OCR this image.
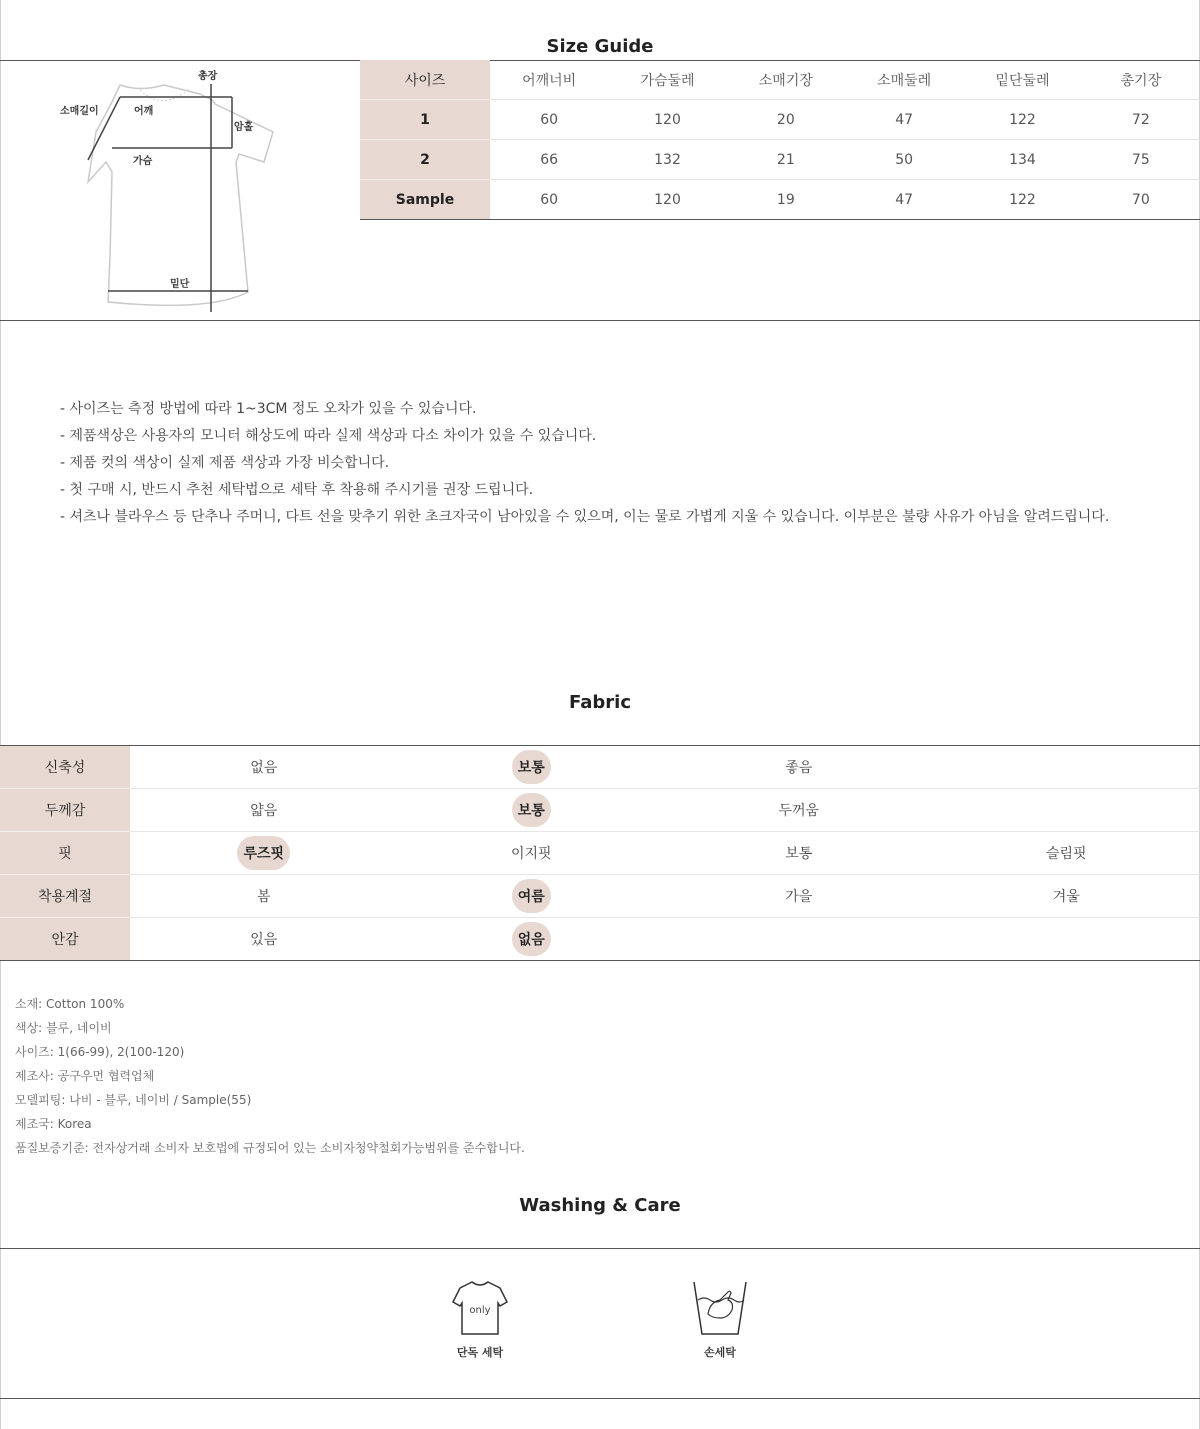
Size Guide
총장
소매길이	어깨
암홀
가슴
밑단
사이즈	어깨너비	가슴둘레	소매기장	소매둘레	밑단둘레	총기장
1	60	120	20	47	122	72
2	66	132	21	50	134	75
Sample	60	120	19	47	122	70
- 사이즈는 측정 방법에 따라 1~3CM 정도 오차가 있을 수 있습니다.
- 제품색상은 사용자의 모니터 해상도에 따라 실제 색상과 다소 차이가 있을 수 있습니다.
- 제품 컷의 색상이 실제 제품 색상과 가장 비슷합니다.
- 첫 구매 시, 반드시 추천 세탁법으로 세탁 후 착용해 주시기를 권장 드립니다.
- 셔츠나 블라우스 등 단추나 주머니, 다트 선을 맞추기 위한 초크자국이 남아있을 수 있으며, 이는 물로 가볍게 지울 수 있습니다. 이부분은 불량 사유가 아님을 알려드립니다.
Fabric
신축성	없음	보통	좋음	
두께감	얇음	보통	두꺼움	
핏	루즈핏	이지핏	보통	슬림핏
착용계절	봄	여름	가을	겨울
안감	있음	없음		
소재: Cotton 100%
색상: 블루, 네이비
사이즈: 1(66-99), 2(100-120)
제조사: 공구우먼 협력업체
모델피팅: 나비 - 블루, 네이비 / Sample(55)
제조국: Korea
품질보증기준: 전자상거래 소비자 보호법에 규정되어 있는 소비자청약철회가능범위를 준수합니다.
Washing & Care
only
단독 세탁	손세탁
